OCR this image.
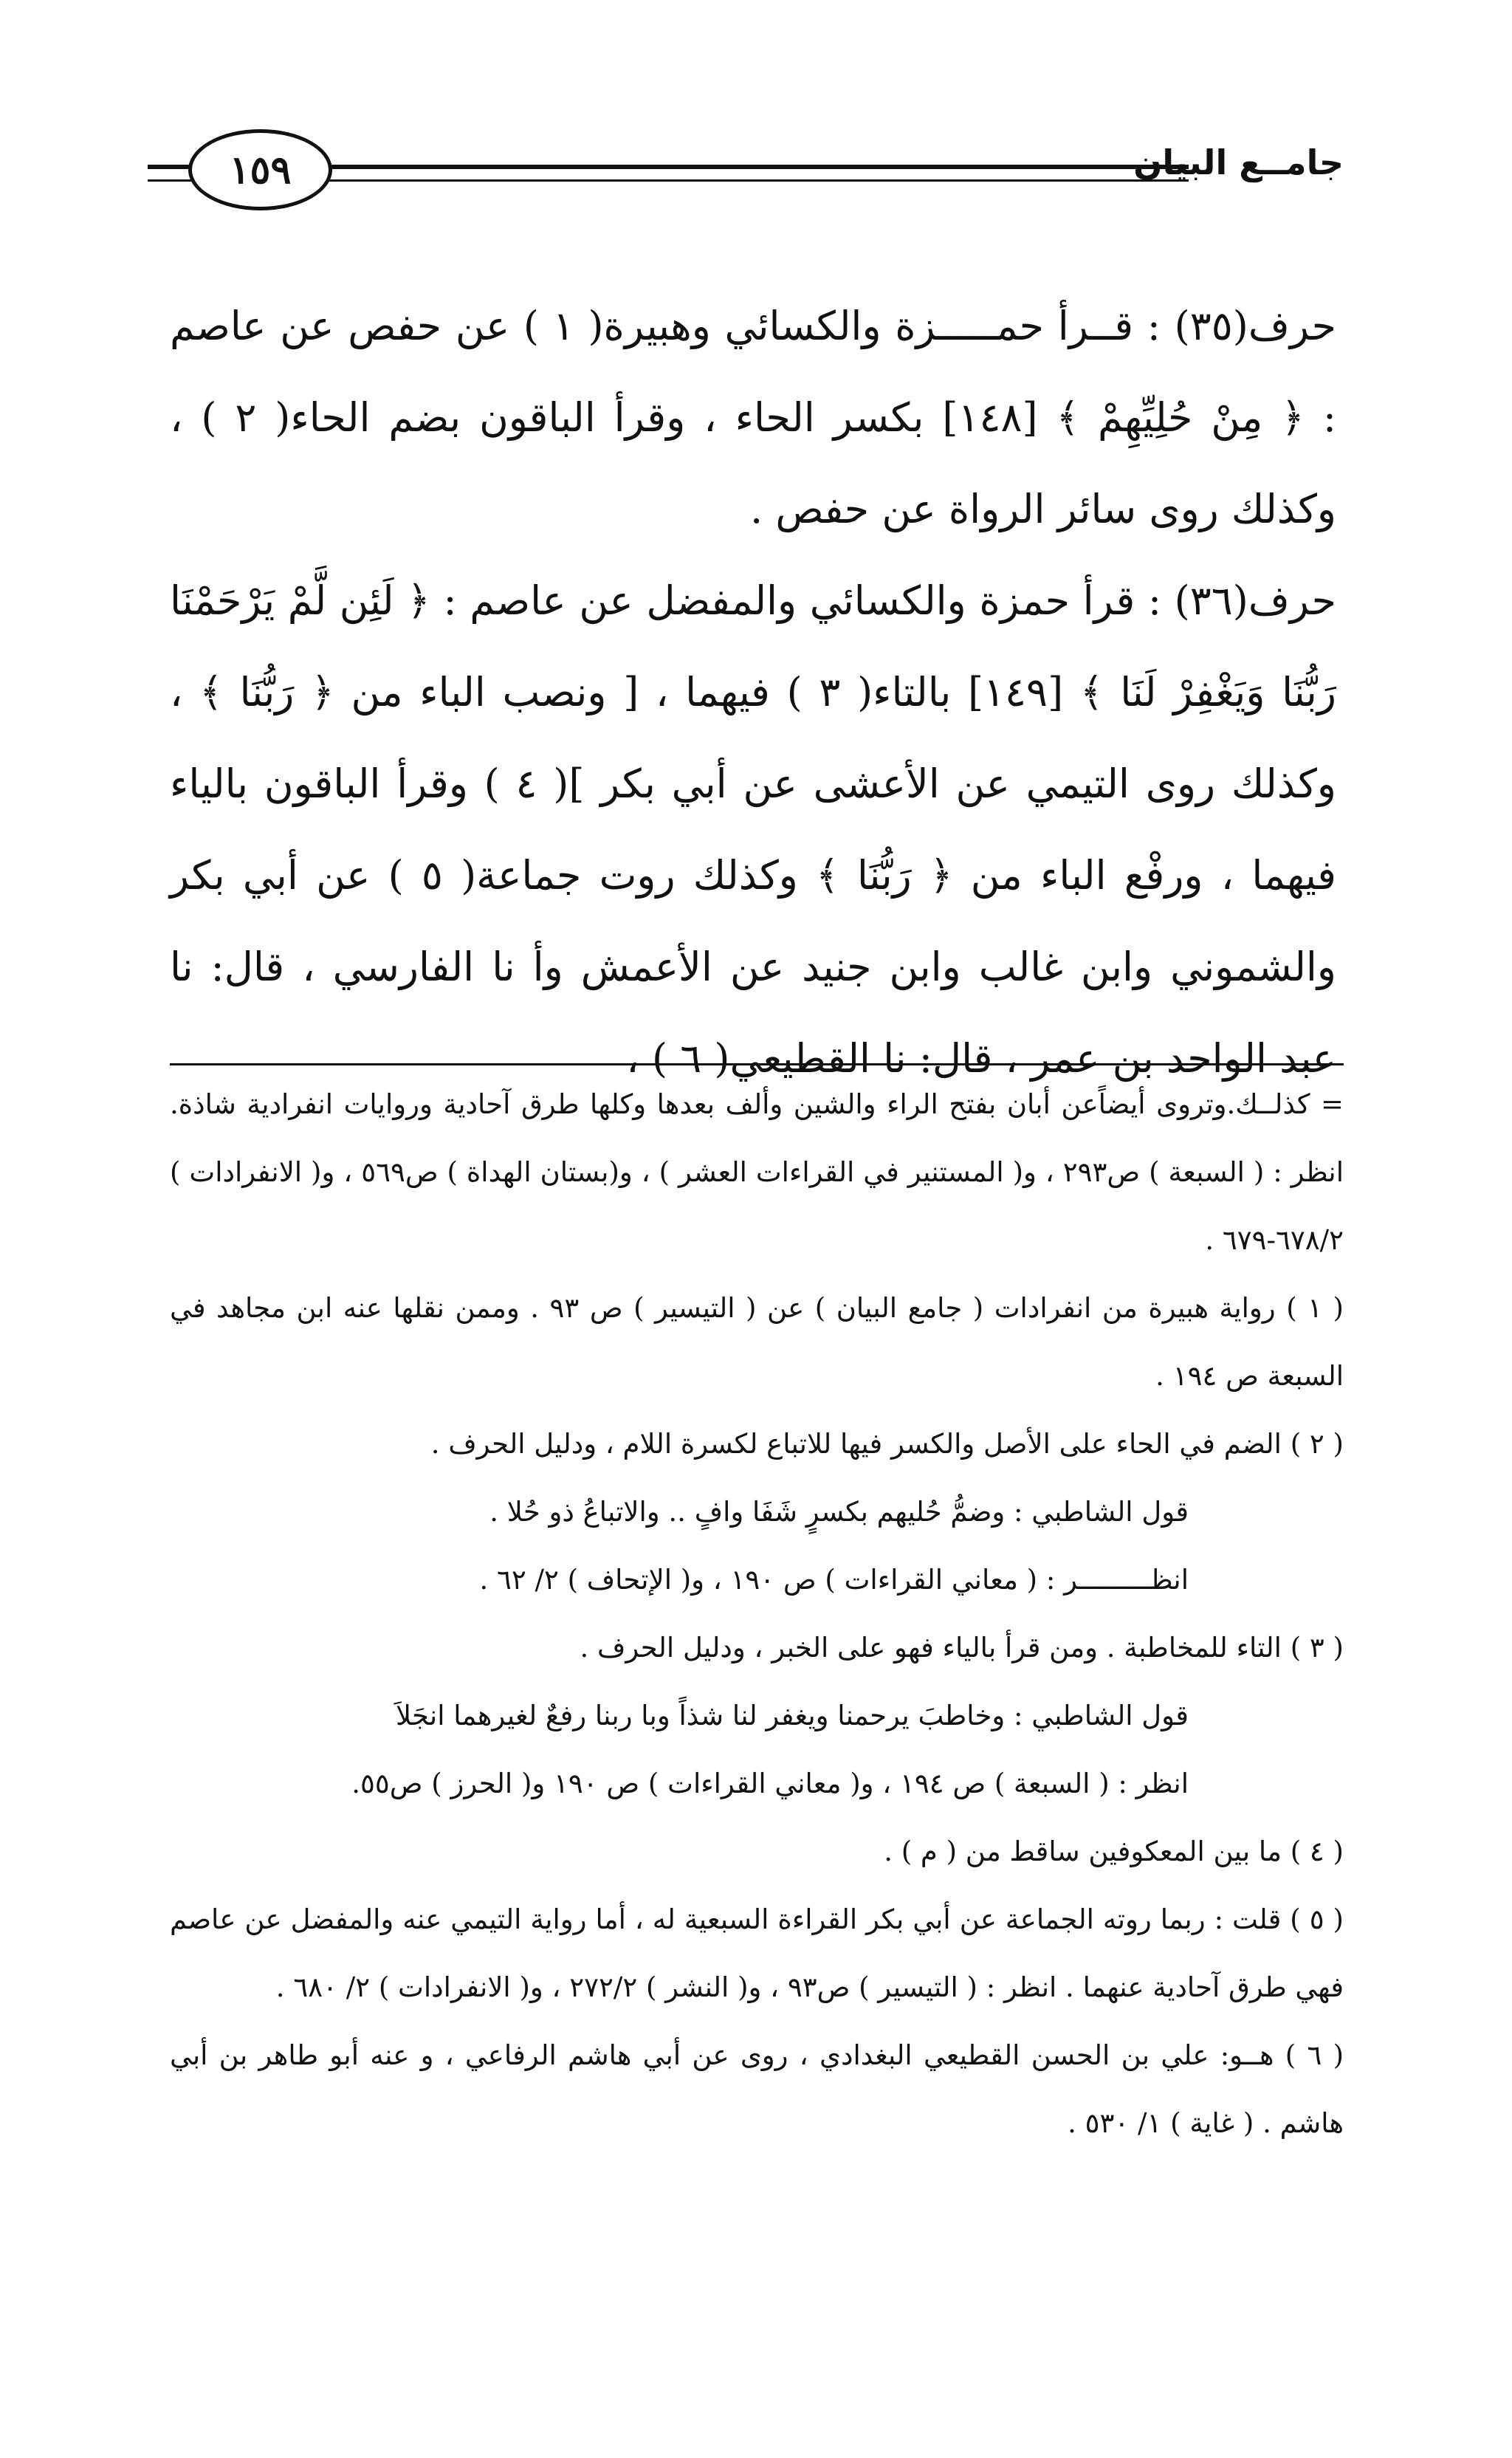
١٥٩	جامــع البيان

حرف(٣٥) : قــرأ حمـــــزة والكسائي وهبيرة( ١ ) عن حفص عن عاصم : ﴿ مِنْ حُلِيِّهِمْ ﴾ [١٤٨] بكسر الحاء ، وقرأ الباقون بضم الحاء( ٢ ) ، وكذلك روى سائر الرواة عن حفص .

حرف(٣٦) : قرأ حمزة والكسائي والمفضل عن عاصم : ﴿ لَئِن لَّمْ يَرْحَمْنَا رَبُّنَا وَيَغْفِرْ لَنَا ﴾ [١٤٩] بالتاء( ٣ ) فيهما ، [ ونصب الباء من ﴿ رَبُّنَا ﴾ ، وكذلك روى التيمي عن الأعشى عن أبي بكر ]( ٤ ) وقرأ الباقون بالياء فيهما ، ورفْع الباء من ﴿ رَبُّنَا ﴾ وكذلك روت جماعة( ٥ ) عن أبي بكر والشموني وابن غالب وابن جنيد عن الأعمش وأ نا الفارسي ، قال: نا عبد الواحد بن عمر ، قال: نا القطيعي( ٦ ) ،

= كذلــك.وتروى أيضاًعن أبان بفتح الراء والشين وألف بعدها وكلها طرق آحادية وروايات انفرادية شاذة. انظر : ( السبعة ) ص٢٩٣ ، و( المستنير في القراءات العشر ) ، و(بستان الهداة ) ص٥٦٩ ، و( الانفرادات ) ٦٧٨/٢-٦٧٩ .

( ١ ) رواية هبيرة من انفرادات ( جامع البيان ) عن ( التيسير ) ص ٩٣ . وممن نقلها عنه ابن مجاهد في السبعة ص ١٩٤ .

( ٢ ) الضم في الحاء على الأصل والكسر فيها للاتباع لكسرة اللام ، ودليل الحرف .

قول الشاطبي : وضمُّ حُليهم بكسرٍ شَفَا وافٍ .. والاتباعُ ذو حُلا .

انظـــــــــر : ( معاني القراءات ) ص ١٩٠ ، و( الإتحاف ) ٢/ ٦٢ .

( ٣ ) التاء للمخاطبة . ومن قرأ بالياء فهو على الخبر ، ودليل الحرف .

قول الشاطبي : وخاطبَ يرحمنا ويغفر لنا شذاً وبا ربنا رفعٌ لغيرهما انجَلاَ

انظر : ( السبعة ) ص ١٩٤ ، و( معاني القراءات ) ص ١٩٠ و( الحرز ) ص٥٥.

( ٤ ) ما بين المعكوفين ساقط من ( م ) .

( ٥ ) قلت : ربما روته الجماعة عن أبي بكر القراءة السبعية له ، أما رواية التيمي عنه والمفضل عن عاصم فهي طرق آحادية عنهما . انظر : ( التيسير ) ص٩٣ ، و( النشر ) ٢٧٢/٢ ، و( الانفرادات ) ٢/ ٦٨٠ .

( ٦ ) هــو: علي بن الحسن القطيعي البغدادي ، روى عن أبي هاشم الرفاعي ، و عنه أبو طاهر بن أبي هاشم . ( غاية ) ١/ ٥٣٠ .
